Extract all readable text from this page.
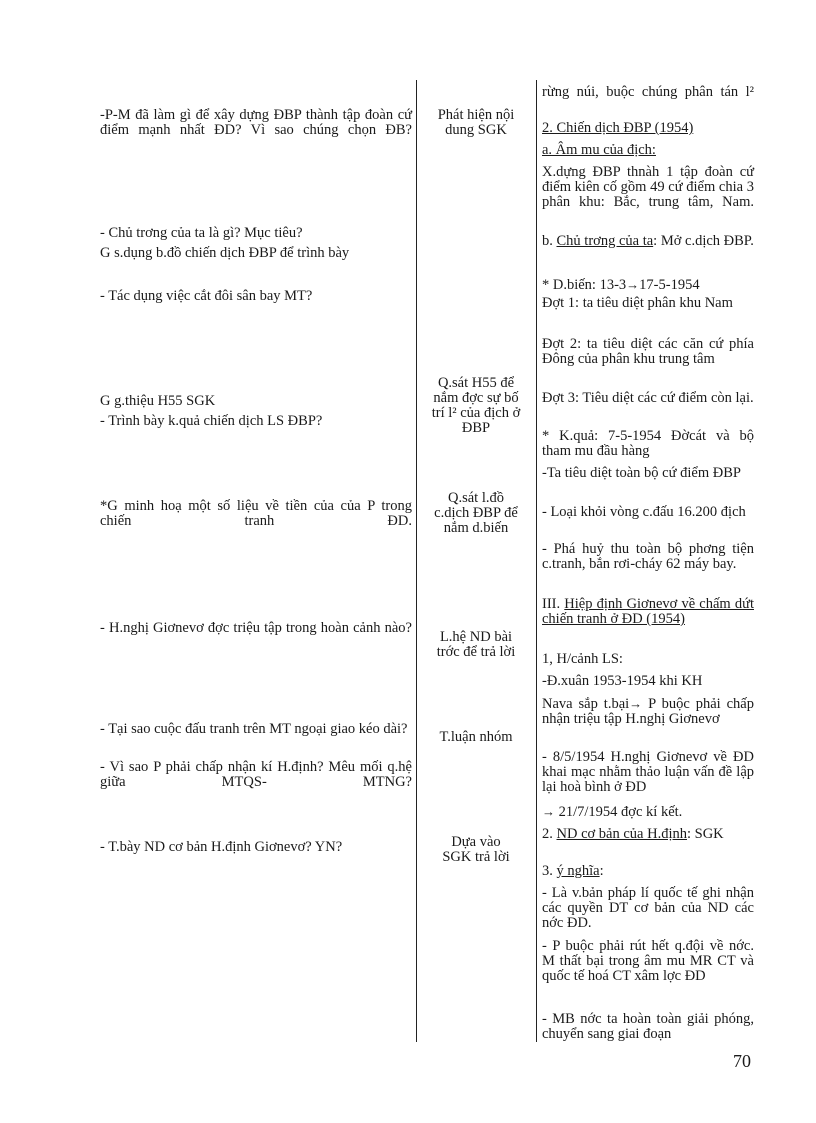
-P-M đã làm gì để xây dựng ĐBP thành tập đoàn cứ điểm mạnh nhất ĐD? Vì sao chúng chọn ĐB?
- Chủ trơng của ta là gì? Mục tiêu?
G s.dụng b.đồ chiến dịch ĐBP để trình bày
- Tác dụng việc cắt đôi sân bay MT?
G g.thiệu H55 SGK
- Trình bày k.quả chiến dịch LS ĐBP?
*G minh hoạ một số liệu về tiền của của P trong chiến tranh ĐD.
- H.nghị Giơnevơ đợc triệu tập trong hoàn cảnh nào?
- Tại sao cuộc đấu tranh trên MT ngoại giao kéo dài?
- Vì sao P phải chấp nhận kí H.định? Mêu mối q.hệ giữa MTQS- MTNG?
- T.bày ND cơ bản H.định Giơnevơ? YN?
Phát hiện nội dung SGK
Q.sát H55 để nắm đợc sự bố trí l² của địch ở ĐBP
Q.sát l.đồ c.dịch ĐBP để nắm d.biến
L.hệ ND bài trớc để trả lời
T.luận nhóm
Dựa vào SGK trả lời
rừng núi, buộc chúng phân tán l²
2. Chiến dịch ĐBP (1954)
a. Âm mu của địch:
X.dựng ĐBP thnàh 1 tập đoàn cứ điểm kiên cố gồm 49 cứ điểm chia 3 phân khu: Bắc, trung tâm, Nam.
b. Chủ trơng của ta: Mở c.dịch ĐBP.
* D.biến: 13-3→17-5-1954
Đợt 1: ta tiêu diệt phân khu Nam
Đợt 2: ta tiêu diệt các căn cứ phía Đông của phân khu trung tâm
Đợt 3: Tiêu diệt các cứ điểm còn lại.
* K.quả: 7-5-1954 Đờcát và bộ tham mu đầu hàng
-Ta tiêu diệt toàn bộ cứ điểm ĐBP
- Loại khỏi vòng c.đấu 16.200 địch
- Phá huỷ thu toàn bộ phơng tiện c.tranh, bắn rơi-cháy 62 máy bay.
III. Hiệp định Giơnevơ về chấm dứt chiến tranh ở ĐD (1954)
1, H/cảnh LS:
-Đ.xuân 1953-1954 khi KH
Nava sắp t.bại→ P buộc phải chấp nhận triệu tập H.nghị Giơnevơ
- 8/5/1954 H.nghị Giơnevơ về ĐD khai mạc nhằm thảo luận vấn đề lập lại hoà bình ở ĐD
→ 21/7/1954 đợc kí kết.
2. ND cơ bản của H.định: SGK
3. ý nghĩa:
- Là v.bản pháp lí quốc tế ghi nhận các quyền DT cơ bản của ND các nớc ĐD.
- P buộc phải rút hết q.đội về nớc. M thất bại trong âm mu MR CT và quốc tế hoá CT xâm lợc ĐD
- MB nớc ta hoàn toàn giải phóng, chuyển sang giai đoạn
70
